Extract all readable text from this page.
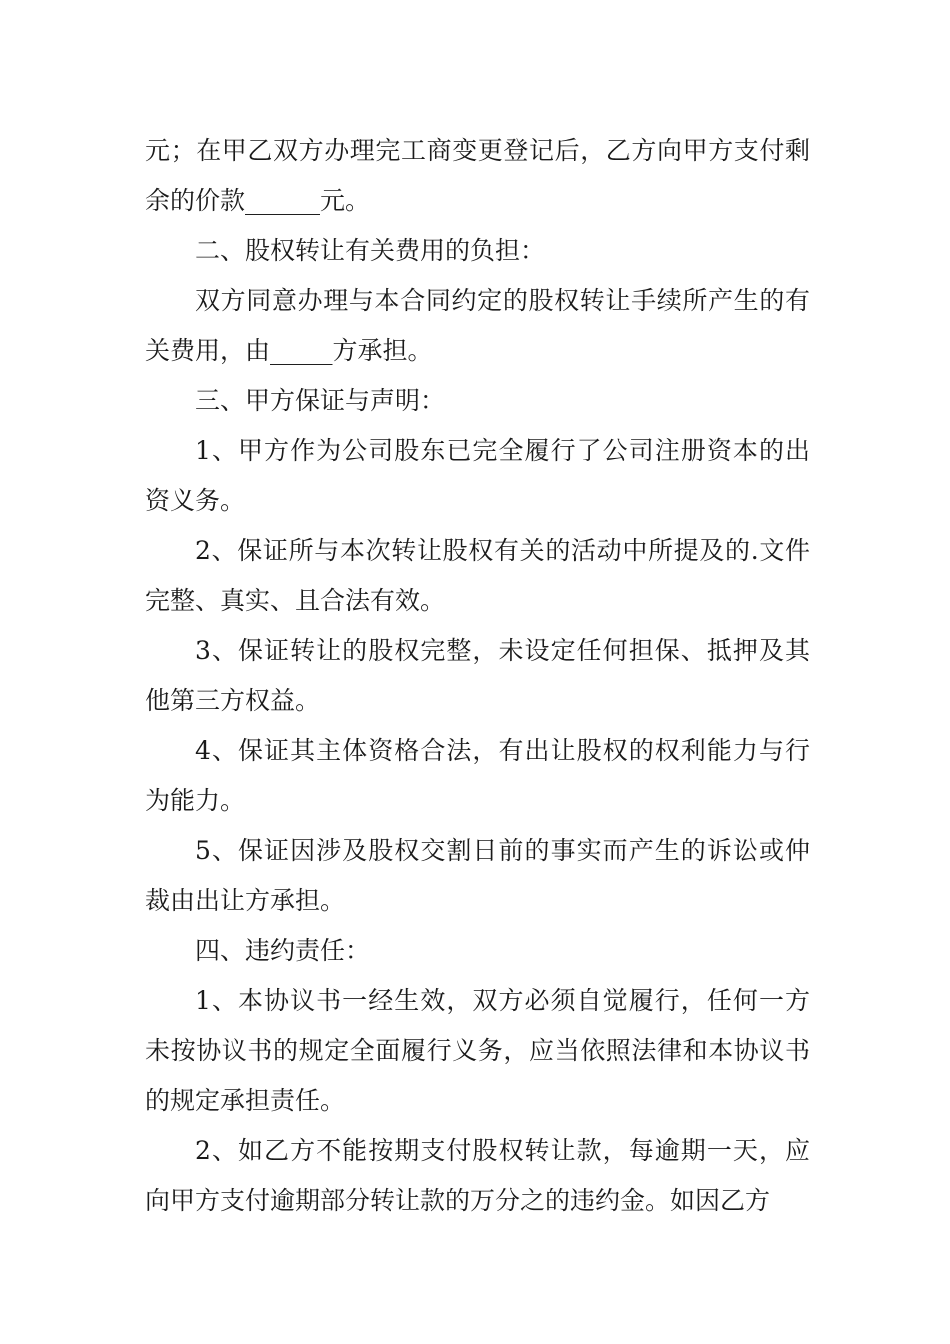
元；在甲乙双方办理完工商变更登记后，乙方向甲方支付剩余的价款______元。

二、股权转让有关费用的负担：

双方同意办理与本合同约定的股权转让手续所产生的有关费用，由_____方承担。

三、甲方保证与声明：

1、甲方作为公司股东已完全履行了公司注册资本的出资义务。

2、保证所与本次转让股权有关的活动中所提及的.文件完整、真实、且合法有效。

3、保证转让的股权完整，未设定任何担保、抵押及其他第三方权益。

4、保证其主体资格合法，有出让股权的权利能力与行为能力。

5、保证因涉及股权交割日前的事实而产生的诉讼或仲裁由出让方承担。

四、违约责任：

1、本协议书一经生效，双方必须自觉履行，任何一方未按协议书的规定全面履行义务，应当依照法律和本协议书的规定承担责任。

2、如乙方不能按期支付股权转让款，每逾期一天，应向甲方支付逾期部分转让款的万分之的违约金。如因乙方
